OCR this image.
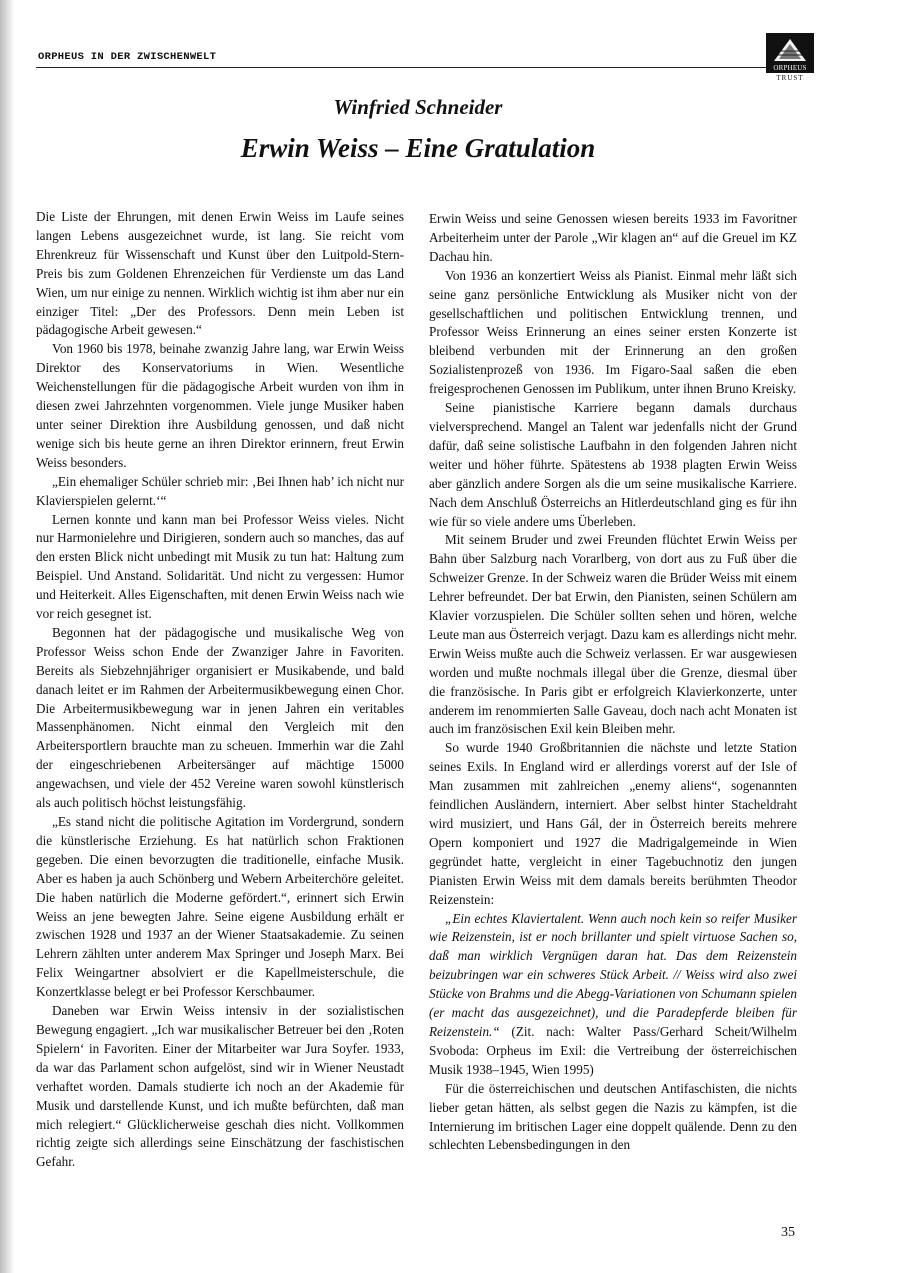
ORPHEUS IN DER ZWISCHENWELT
ORPHEUS
TRUST
Winfried Schneider
Erwin Weiss – Eine Gratulation

Die Liste der Ehrungen, mit denen Erwin Weiss im Laufe seines langen Lebens ausgezeichnet wurde, ist lang. Sie reicht vom Ehrenkreuz für Wissenschaft und Kunst über den Luitpold-Stern-Preis bis zum Goldenen Ehrenzeichen für Verdienste um das Land Wien, um nur einige zu nennen. Wirklich wichtig ist ihm aber nur ein einziger Titel: „Der des Professors. Denn mein Leben ist pädagogische Arbeit gewesen.“

Von 1960 bis 1978, beinahe zwanzig Jahre lang, war Erwin Weiss Direktor des Konservatoriums in Wien. Wesentliche Weichenstellungen für die pädagogische Arbeit wurden von ihm in diesen zwei Jahrzehnten vorgenommen. Viele junge Musiker haben unter seiner Direktion ihre Ausbildung genossen, und daß nicht wenige sich bis heute gerne an ihren Direktor erinnern, freut Erwin Weiss besonders.

„Ein ehemaliger Schüler schrieb mir: ‚Bei Ihnen hab’ ich nicht nur Klavierspielen gelernt.‘“

Lernen konnte und kann man bei Professor Weiss vieles. Nicht nur Harmonielehre und Dirigieren, sondern auch so manches, das auf den ersten Blick nicht unbedingt mit Musik zu tun hat: Haltung zum Beispiel. Und Anstand. Solidarität. Und nicht zu vergessen: Humor und Heiterkeit. Alles Eigenschaften, mit denen Erwin Weiss nach wie vor reich gesegnet ist.

Begonnen hat der pädagogische und musikalische Weg von Professor Weiss schon Ende der Zwanziger Jahre in Favoriten. Bereits als Siebzehnjähriger organisiert er Musikabende, und bald danach leitet er im Rahmen der Arbeitermusikbewegung einen Chor. Die Arbeitermusikbewegung war in jenen Jahren ein veritables Massenphänomen. Nicht einmal den Vergleich mit den Arbeitersportlern brauchte man zu scheuen. Immerhin war die Zahl der eingeschriebenen Arbeitersänger auf mächtige 15000 angewachsen, und viele der 452 Vereine waren sowohl künstlerisch als auch politisch höchst leistungsfähig.

„Es stand nicht die politische Agitation im Vordergrund, sondern die künstlerische Erziehung. Es hat natürlich schon Fraktionen gegeben. Die einen bevorzugten die traditionelle, einfache Musik. Aber es haben ja auch Schönberg und Webern Arbeiterchöre geleitet. Die haben natürlich die Moderne gefördert.“, erinnert sich Erwin Weiss an jene bewegten Jahre. Seine eigene Ausbildung erhält er zwischen 1928 und 1937 an der Wiener Staatsakademie. Zu seinen Lehrern zählten unter anderem Max Springer und Joseph Marx. Bei Felix Weingartner absolviert er die Kapellmeisterschule, die Konzertklasse belegt er bei Professor Kerschbaumer.

Daneben war Erwin Weiss intensiv in der sozialistischen Bewegung engagiert. „Ich war musikalischer Betreuer bei den ‚Roten Spielern‘ in Favoriten. Einer der Mitarbeiter war Jura Soyfer. 1933, da war das Parlament schon aufgelöst, sind wir in Wiener Neustadt verhaftet worden. Damals studierte ich noch an der Akademie für Musik und darstellende Kunst, und ich mußte befürchten, daß man mich relegiert.“ Glücklicherweise geschah dies nicht. Vollkommen richtig zeigte sich allerdings seine Einschätzung der faschistischen Gefahr.

Erwin Weiss und seine Genossen wiesen bereits 1933 im Favoritner Arbeiterheim unter der Parole „Wir klagen an“ auf die Greuel im KZ Dachau hin.

Von 1936 an konzertiert Weiss als Pianist. Einmal mehr läßt sich seine ganz persönliche Entwicklung als Musiker nicht von der gesellschaftlichen und politischen Entwicklung trennen, und Professor Weiss Erinnerung an eines seiner ersten Konzerte ist bleibend verbunden mit der Erinnerung an den großen Sozialistenprozeß von 1936. Im Figaro-Saal saßen die eben freigesprochenen Genossen im Publikum, unter ihnen Bruno Kreisky.

Seine pianistische Karriere begann damals durchaus vielversprechend. Mangel an Talent war jedenfalls nicht der Grund dafür, daß seine solistische Laufbahn in den folgenden Jahren nicht weiter und höher führte. Spätestens ab 1938 plagten Erwin Weiss aber gänzlich andere Sorgen als die um seine musikalische Karriere. Nach dem Anschluß Österreichs an Hitlerdeutschland ging es für ihn wie für so viele andere ums Überleben.

Mit seinem Bruder und zwei Freunden flüchtet Erwin Weiss per Bahn über Salzburg nach Vorarlberg, von dort aus zu Fuß über die Schweizer Grenze. In der Schweiz waren die Brüder Weiss mit einem Lehrer befreundet. Der bat Erwin, den Pianisten, seinen Schülern am Klavier vorzuspielen. Die Schüler sollten sehen und hören, welche Leute man aus Österreich verjagt. Dazu kam es allerdings nicht mehr. Erwin Weiss mußte auch die Schweiz verlassen. Er war ausgewiesen worden und mußte nochmals illegal über die Grenze, diesmal über die französische. In Paris gibt er erfolgreich Klavierkonzerte, unter anderem im renommierten Salle Gaveau, doch nach acht Monaten ist auch im französischen Exil kein Bleiben mehr.

So wurde 1940 Großbritannien die nächste und letzte Station seines Exils. In England wird er allerdings vorerst auf der Isle of Man zusammen mit zahlreichen „enemy aliens“, sogenannten feindlichen Ausländern, interniert. Aber selbst hinter Stacheldraht wird musiziert, und Hans Gál, der in Österreich bereits mehrere Opern komponiert und 1927 die Madrigalgemeinde in Wien gegründet hatte, vergleicht in einer Tagebuchnotiz den jungen Pianisten Erwin Weiss mit dem damals bereits berühmten Theodor Reizenstein:

„Ein echtes Klaviertalent. Wenn auch noch kein so reifer Musiker wie Reizenstein, ist er noch brillanter und spielt virtuose Sachen so, daß man wirklich Vergnügen daran hat. Das dem Reizenstein beizubringen war ein schweres Stück Arbeit. // Weiss wird also zwei Stücke von Brahms und die Abegg-Variationen von Schumann spielen (er macht das ausgezeichnet), und die Paradepferde bleiben für Reizenstein.“ (Zit. nach: Walter Pass/Gerhard Scheit/Wilhelm Svoboda: Orpheus im Exil: die Vertreibung der österreichischen Musik 1938–1945, Wien 1995)

Für die österreichischen und deutschen Antifaschisten, die nichts lieber getan hätten, als selbst gegen die Nazis zu kämpfen, ist die Internierung im britischen Lager eine doppelt quälende. Denn zu den schlechten Lebensbedingungen in den

35
